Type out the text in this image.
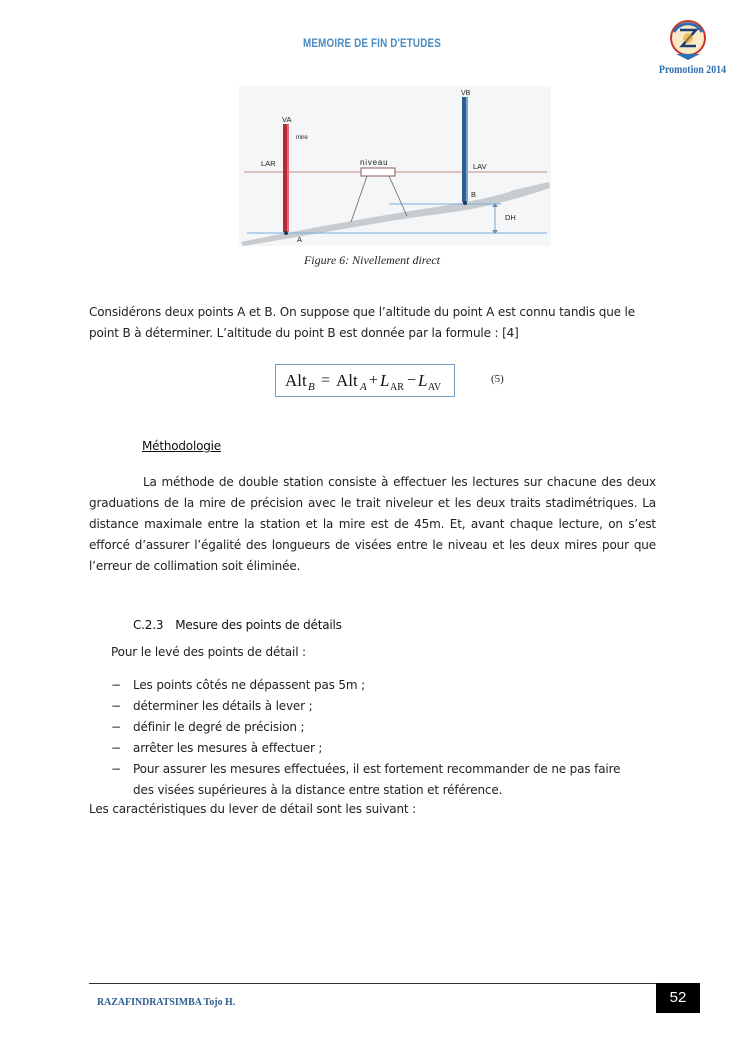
MEMOIRE DE FIN D'ETUDES
Promotion 2014
VA
VB
mire
LAR	niveau	LAV
B
A
DH
Figure 6: Nivellement direct

Considérons deux points A et B. On suppose que l’altitude du point A est connu tandis que le point B à déterminer. L’altitude du point B est donnée par la formule : [4]

Alt B = Alt A + L AR − L AV
(5)
Méthodologie

La méthode de double station consiste à effectuer les lectures sur chacune des deux graduations de la mire de précision avec le trait niveleur et les deux traits stadimétriques. La distance maximale entre la station et la mire est de 45m. Et, avant chaque lecture, on s’est efforcé d’assurer l’égalité des longueurs de visées entre le niveau et les deux mires pour que l’erreur de collimation soit éliminée.

C.2.3 Mesure des points de détails
Pour le levé des points de détail :
− Les points côtés ne dépassent pas 5m ;
− déterminer les détails à lever ;
− définir le degré de précision ;
− arrêter les mesures à effectuer ;
− Pour assurer les mesures effectuées, il est fortement recommander de ne pas faire des visées supérieures à la distance entre station et référence.
Les caractéristiques du lever de détail sont les suivant :
RAZAFINDRATSIMBA Tojo H.	52
